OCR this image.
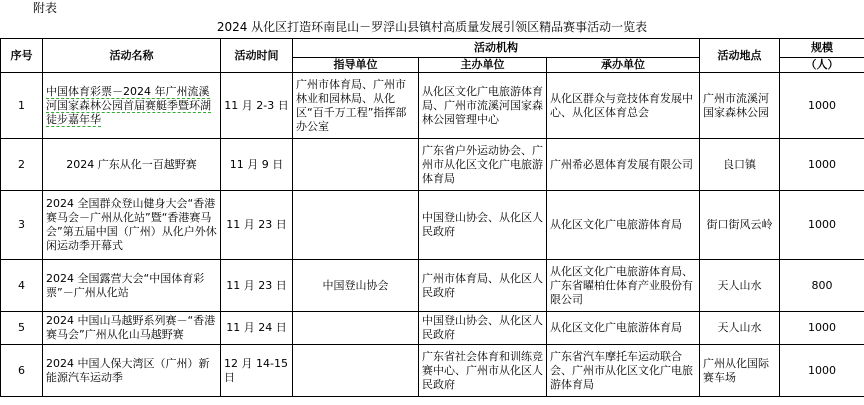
附表
2024 从化区打造环南昆山－罗浮山县镇村高质量发展引领区精品赛事活动一览表
序号	活动名称	活动时间	活动机构			活动地点	规模
			指导单位	主办单位	承办单位		（人）
1	中国体育彩票－2024 年广州流溪河国家森林公园首届赛艇季暨环湖徒步嘉年华	11 月 2-3 日	广州市体育局、广州市林业和园林局、从化区“百千万工程”指挥部办公室	从化区文化广电旅游体育局、广州市流溪河国家森林公园管理中心	从化区群众与竞技体育发展中心、从化区体育总会	广州市流溪河国家森林公园	1000
2	2024 广东从化一百越野赛	11 月 9 日		广东省户外运动协会、广州市从化区文化广电旅游体育局	广州希必恩体育发展有限公司	良口镇	1000
3	2024 全国群众登山健身大会“香港赛马会－广州从化站”暨“香港赛马会”第五届中国（广州）从化户外休闲运动季开幕式	11 月 23 日		中国登山协会、从化区人民政府	从化区文化广电旅游体育局	街口街风云岭	1000
4	2024 全国露营大会“中国体育彩票”－广州从化站	11 月 23 日	中国登山协会	广州市体育局、从化区人民政府	从化区文化广电旅游体育局、广东省曜柏仕体育产业股份有限公司	天人山水	800
5	2024 中国山马越野系列赛－“香港赛马会”广州从化山马越野赛	11 月 24 日		中国登山协会、从化区人民政府	从化区文化广电旅游体育局	天人山水	1000
6	2024 中国人保大湾区（广州）新能源汽车运动季	12 月 14-15 日		广东省社会体育和训练竞赛中心、广州市从化区人民政府	广东省汽车摩托车运动联合会、广州市从化区文化广电旅游体育局	广州从化国际赛车场	1000
